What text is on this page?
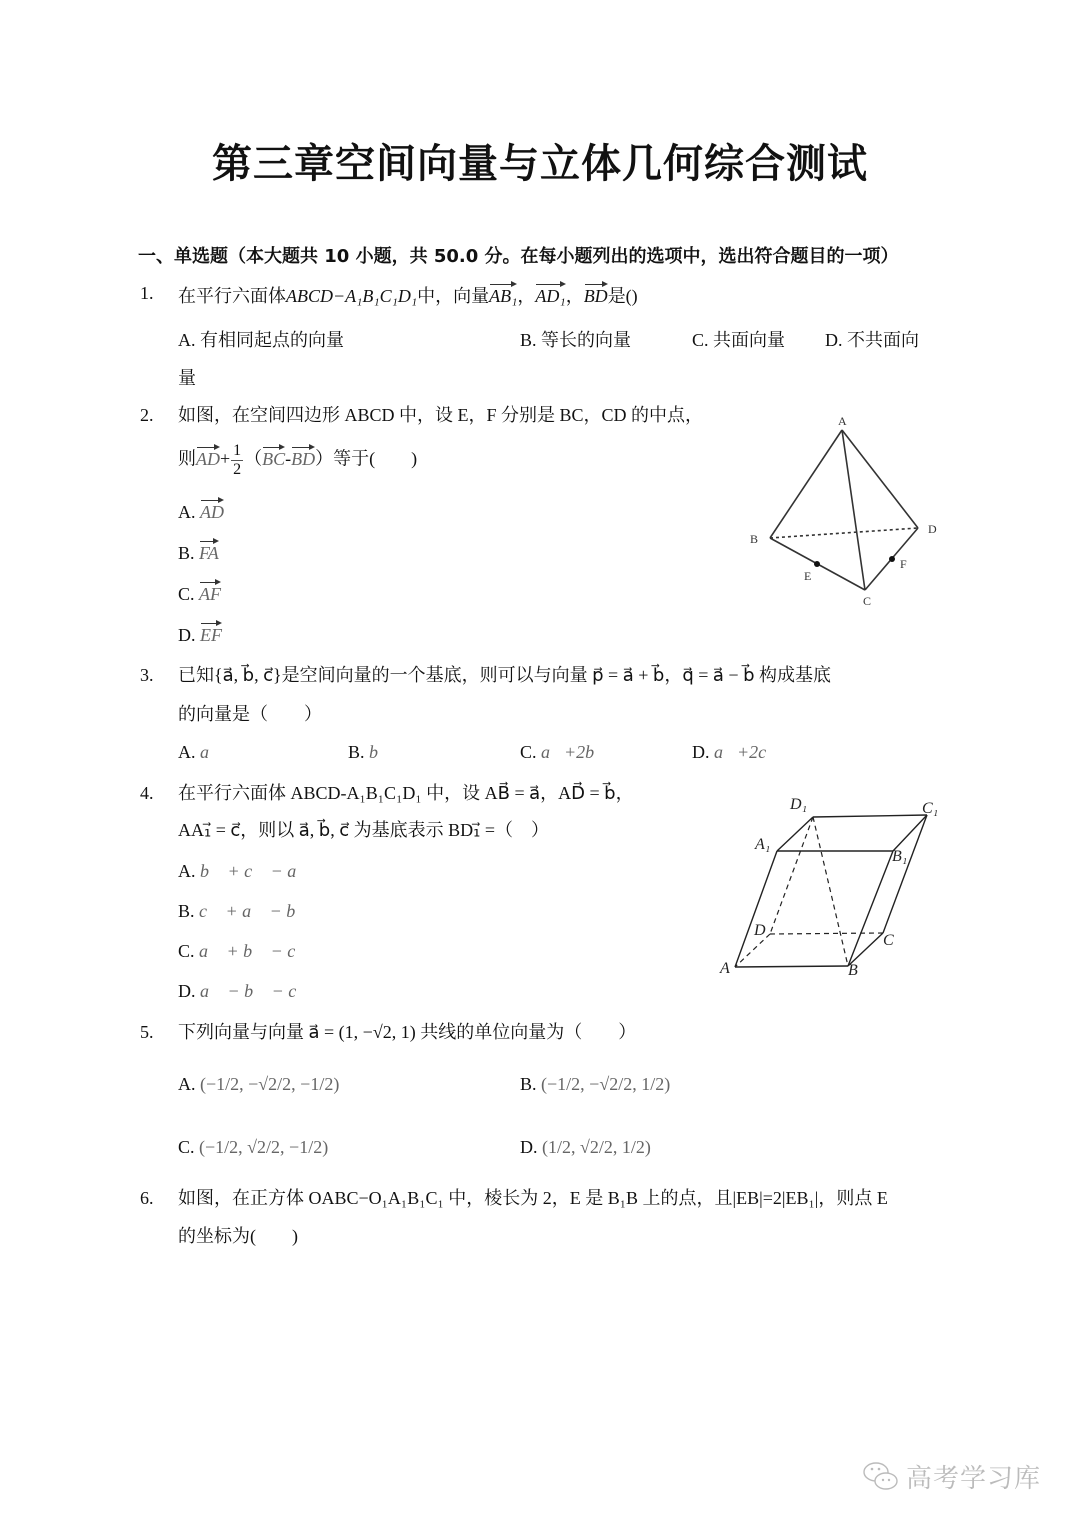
第三章空间向量与立体几何综合测试
一、单选题（本大题共 10 小题，共 50.0 分。在每小题列出的选项中，选出符合题目的一项）
1. 在平行六面体ABCD−A₁B₁C₁D₁中，向量AB₁，AD₁，BD是()
A. 有相同起点的向量	B. 等长的向量	C. 共面向量 D. 不共面向
量
2. 如图，在空间四边形 ABCD 中，设 E，F 分别是 BC，CD 的中点，
则$AD+ \frac{1}{2} (BC-BD)$等于(　　)
A. AD
B. FA
C. AF
D. EF
A
B
C
D
E
F
3. 已知{a⃗, b⃗, c⃗}是空间向量的一个基底，则可以与向量 p⃗ = a⃗ + b⃗，q⃗ = a⃗ − b⃗ 构成基底
的向量是（　　）
A. a⃗	B. b⃗	C. a⃗+2b⃗	D. a⃗+2c⃗
4. 在平行六面体 ABCD-A₁B₁C₁D₁ 中，设 AB⃗ = a⃗，AD⃗ = b⃗，
AA₁⃗ = c⃗，则以 a⃗, b⃗, c⃗ 为基底表示 BD₁⃗ =（　）
A. b⃗ + c⃗ − a⃗
B. c⃗ + a⃗ − b⃗
C. a⃗ + b⃗ − c⃗
D. a⃗ − b⃗ − c⃗
A	B
C
D
A₁
B₁
C₁
D₁
5. 下列向量与向量 a⃗ = (1, −√2, 1) 共线的单位向量为（　　）
A. (−1/2, −√2/2, −1/2)	B. (−1/2, −√2/2, 1/2)
C. (−1/2, √2/2, −1/2)	D. (1/2, √2/2, 1/2)
6. 如图，在正方体 OABC−O₁A₁B₁C₁ 中，棱长为 2，E 是 B₁B 上的点，且|EB|=2|EB₁|，则点 E
的坐标为(　　)
高考学习库
